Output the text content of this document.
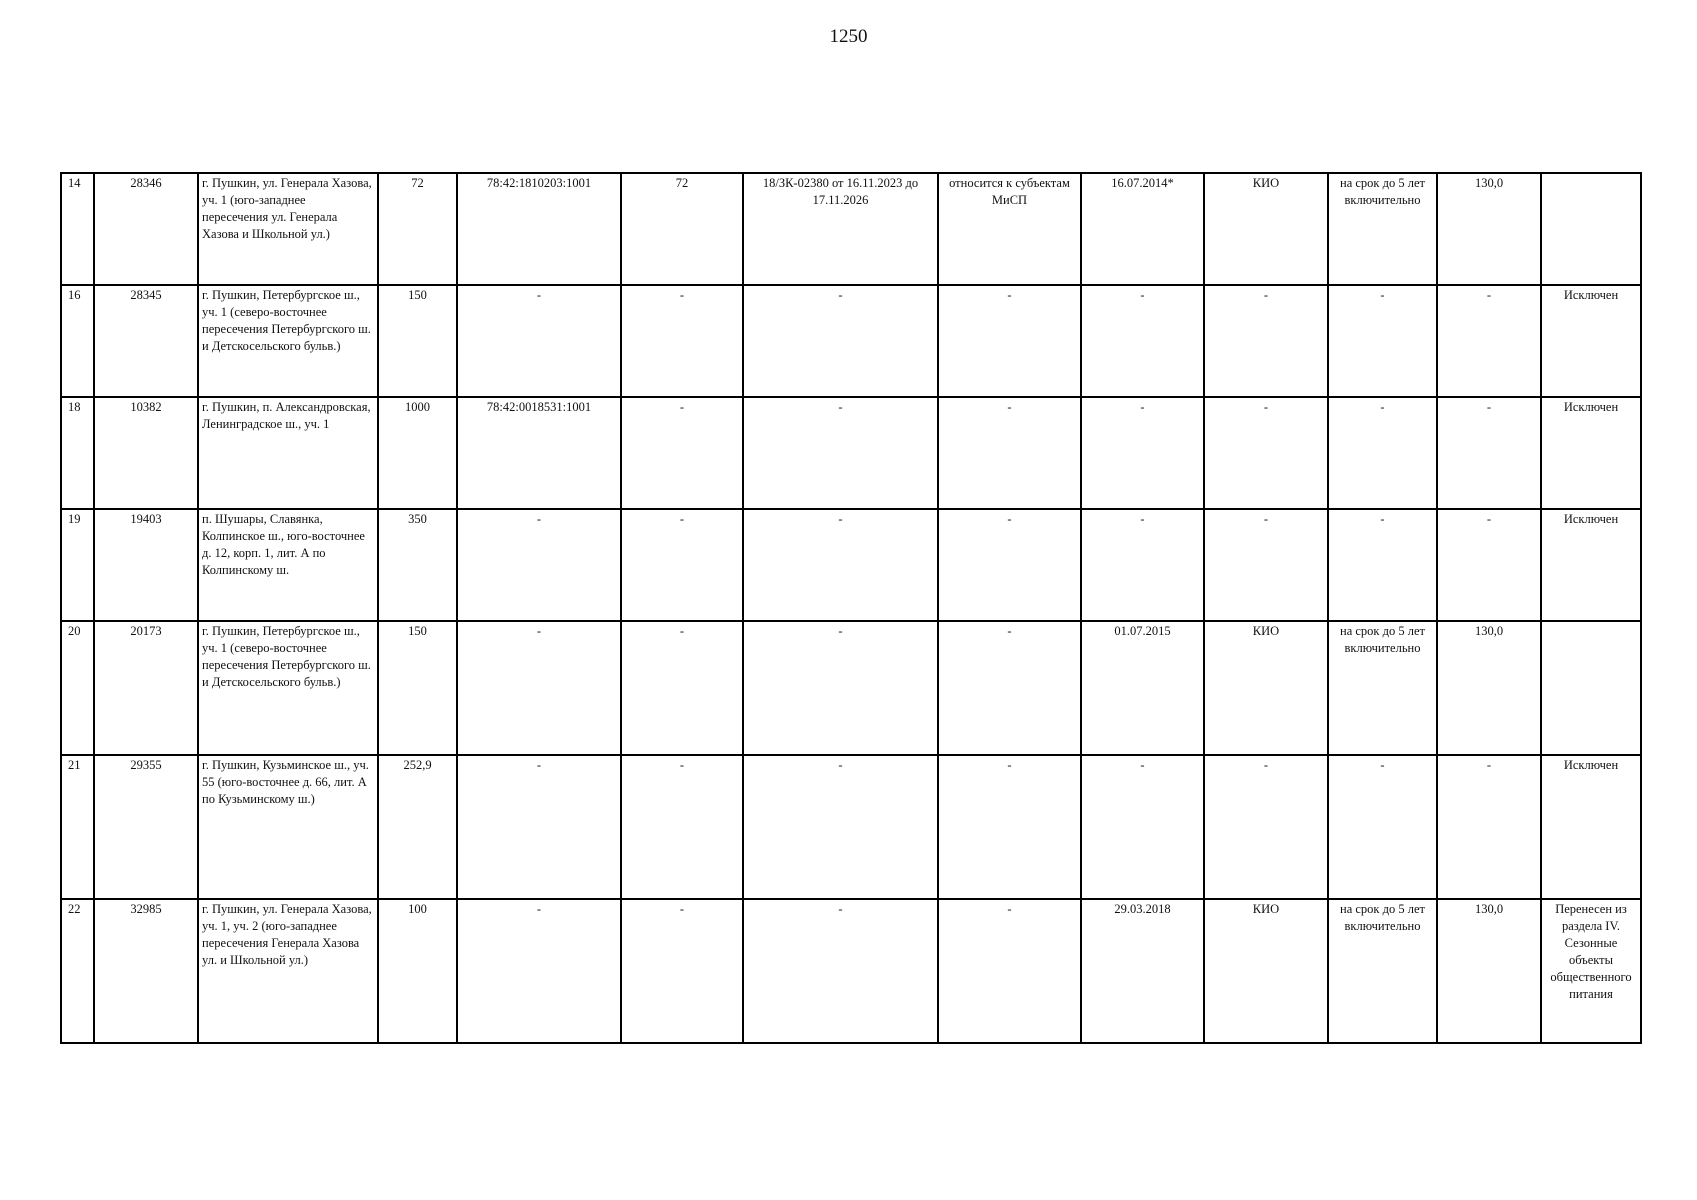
1250
14	28346	г. Пушкин, ул. Генерала Хазова, уч. 1 (юго-западнее пересечения ул. Генерала Хазова и Школьной ул.)	72	78:42:1810203:1001	72	18/ЗК-02380 от 16.11.2023 до 17.11.2026	относится к субъектам МиСП	16.07.2014*	КИО	на срок до 5 лет включительно	130,0	
16	28345	г. Пушкин, Петербургское ш., уч. 1 (северо-восточнее пересечения Петербургского ш. и Детскосельского бульв.)	150	-	-	-	-	-	-	-	-	Исключен
18	10382	г. Пушкин, п. Александровская, Ленинградское ш., уч. 1	1000	78:42:0018531:1001	-	-	-	-	-	-	-	Исключен
19	19403	п. Шушары, Славянка, Колпинское ш., юго-восточнее д. 12, корп. 1, лит. А по Колпинскому ш.	350	-	-	-	-	-	-	-	-	Исключен
20	20173	г. Пушкин, Петербургское ш., уч. 1 (северо-восточнее пересечения Петербургского ш. и Детскосельского бульв.)	150	-	-	-	-	01.07.2015	КИО	на срок до 5 лет включительно	130,0	
21	29355	г. Пушкин, Кузьминское ш., уч. 55 (юго-восточнее д. 66, лит. А по Кузьминскому ш.)	252,9	-	-	-	-	-	-	-	-	Исключен
22	32985	г. Пушкин, ул. Генерала Хазова, уч. 1, уч. 2 (юго-западнее пересечения Генерала Хазова ул. и Школьной ул.)	100	-	-	-	-	29.03.2018	КИО	на срок до 5 лет включительно	130,0	Перенесен из раздела IV. Сезонные объекты общественного питания
